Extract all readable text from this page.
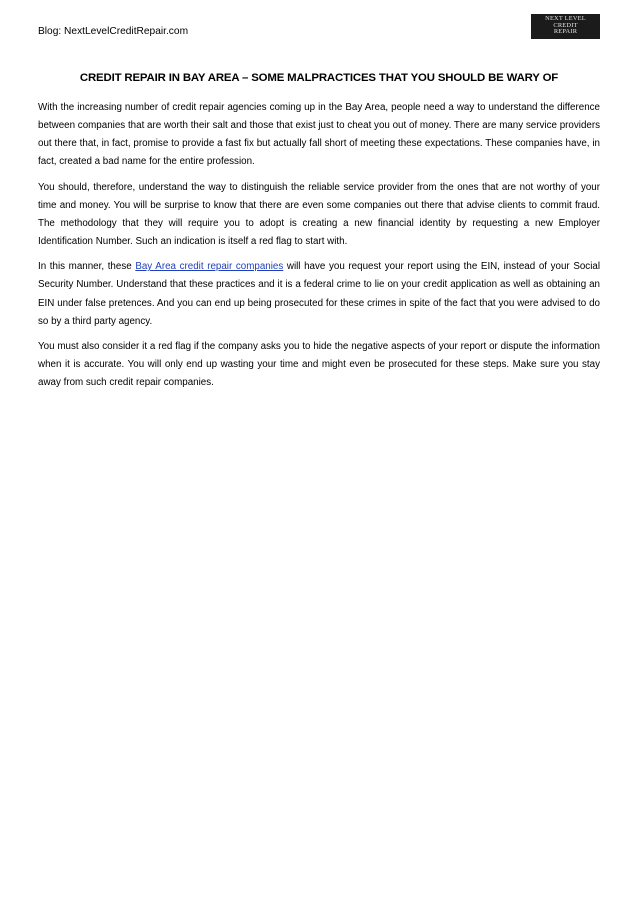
Blog: NextLevelCreditRepair.com
NEXT LEVEL
CREDIT
REPAIR
CREDIT REPAIR IN BAY AREA – SOME MALPRACTICES THAT YOU SHOULD BE WARY OF

With the increasing number of credit repair agencies coming up in the Bay Area, people need a way to understand the difference between companies that are worth their salt and those that exist just to cheat you out of money. There are many service providers out there that, in fact, promise to provide a fast fix but actually fall short of meeting these expectations. These companies have, in fact, created a bad name for the entire profession.

You should, therefore, understand the way to distinguish the reliable service provider from the ones that are not worthy of your time and money. You will be surprise to know that there are even some companies out there that advise clients to commit fraud. The methodology that they will require you to adopt is creating a new financial identity by requesting a new Employer Identification Number. Such an indication is itself a red flag to start with.

In this manner, these Bay Area credit repair companies will have you request your report using the EIN, instead of your Social Security Number. Understand that these practices and it is a federal crime to lie on your credit application as well as obtaining an EIN under false pretences. And you can end up being prosecuted for these crimes in spite of the fact that you were advised to do so by a third party agency.

You must also consider it a red flag if the company asks you to hide the negative aspects of your report or dispute the information when it is accurate. You will only end up wasting your time and might even be prosecuted for these steps. Make sure you stay away from such credit repair companies.
